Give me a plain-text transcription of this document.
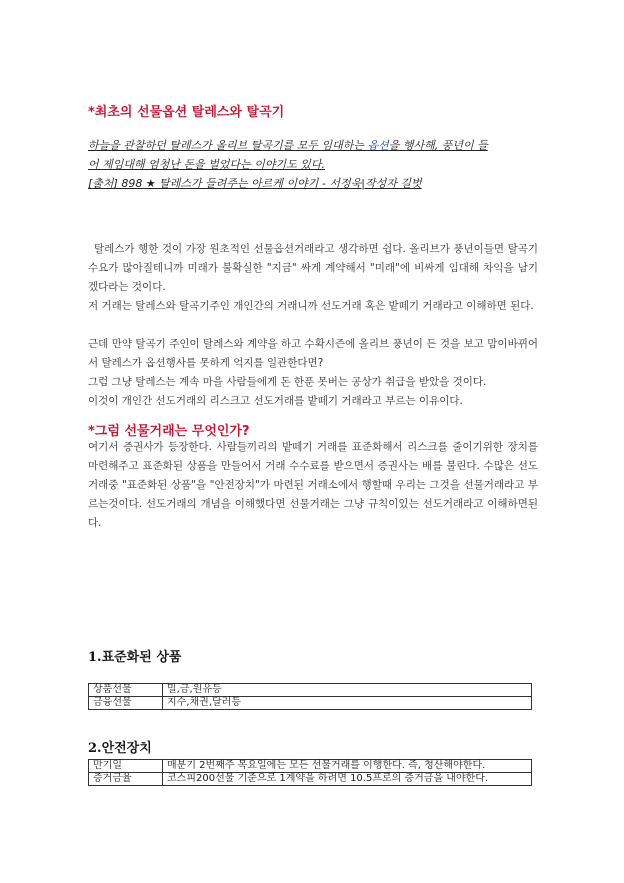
*최초의 선물옵션 탈레스와 탈곡기
하늘을 관찰하던 탈레스가 올리브 탈곡기를 모두 임대하는 옵션을 행사해, 풍년이 들
어 제임대해 엄청난 돈을 벌었다는 이야기도 있다.
[출처] 898 ★ 탈레스가 들려주는 아르케 이야기 - 서정욱|작성자 길벗
탈레스가 행한 것이 가장 원초적인 선물옵션거래라고 생각하면 쉽다. 올리브가 풍년이들면 탈곡기 수요가 많아질테니까 미래가 불확실한 "지금" 싸게 계약해서 "미래"에 비싸게 임대해 차익을 남기겠다라는 것이다.
저 거래는 탈레스와 탈곡기주인 개인간의 거래니까 선도거래 혹은 밭떼기 거래라고 이해하면 된다.
근데 만약 탈곡기 주인이 탈레스와 계약을 하고 수확시즌에 올리브 풍년이 든 것을 보고 맘이바뀌어서 탈레스가 옵션행사를 못하게 억지를 일관한다면?
그럼 그냥 탈레스는 계속 마을 사람들에게 돈 한푼 못버는 공상가 취급을 받았을 것이다.
이것이 개인간 선도거래의 리스크고 선도거래를 밭떼기 거래라고 부르는 이유이다.
*그럼 선물거래는 무엇인가?
여기서 증권사가 등장한다. 사람들끼리의 밭떼기 거래를 표준화해서 리스크를 줄이기위한 장치를 마련해주고 표준화된 상품을 만들어서 거래 수수료를 받으면서 증권사는 배를 불린다. 수많은 선도거래중 "표준화된 상품"을 "안전장치"가 마련된 거래소에서 행할때 우리는 그것을 선물거래라고 부르는것이다. 선도거래의 개념을 이해했다면 선물거래는 그냥 규칙이있는 선도거래라고 이해하면된다.
1.표준화된 상품
상품선물	밀,금,원유등
금융선물	지수,채권,달러등
2.안전장치
만기일	매분기 2번째주 목요일에는 모든 선물거래를 이행한다. 즉, 청산해야한다.
증거금율	코스피200선물 기준으로 1계약을 하려면 10.5프로의 증거금을 내야한다.
